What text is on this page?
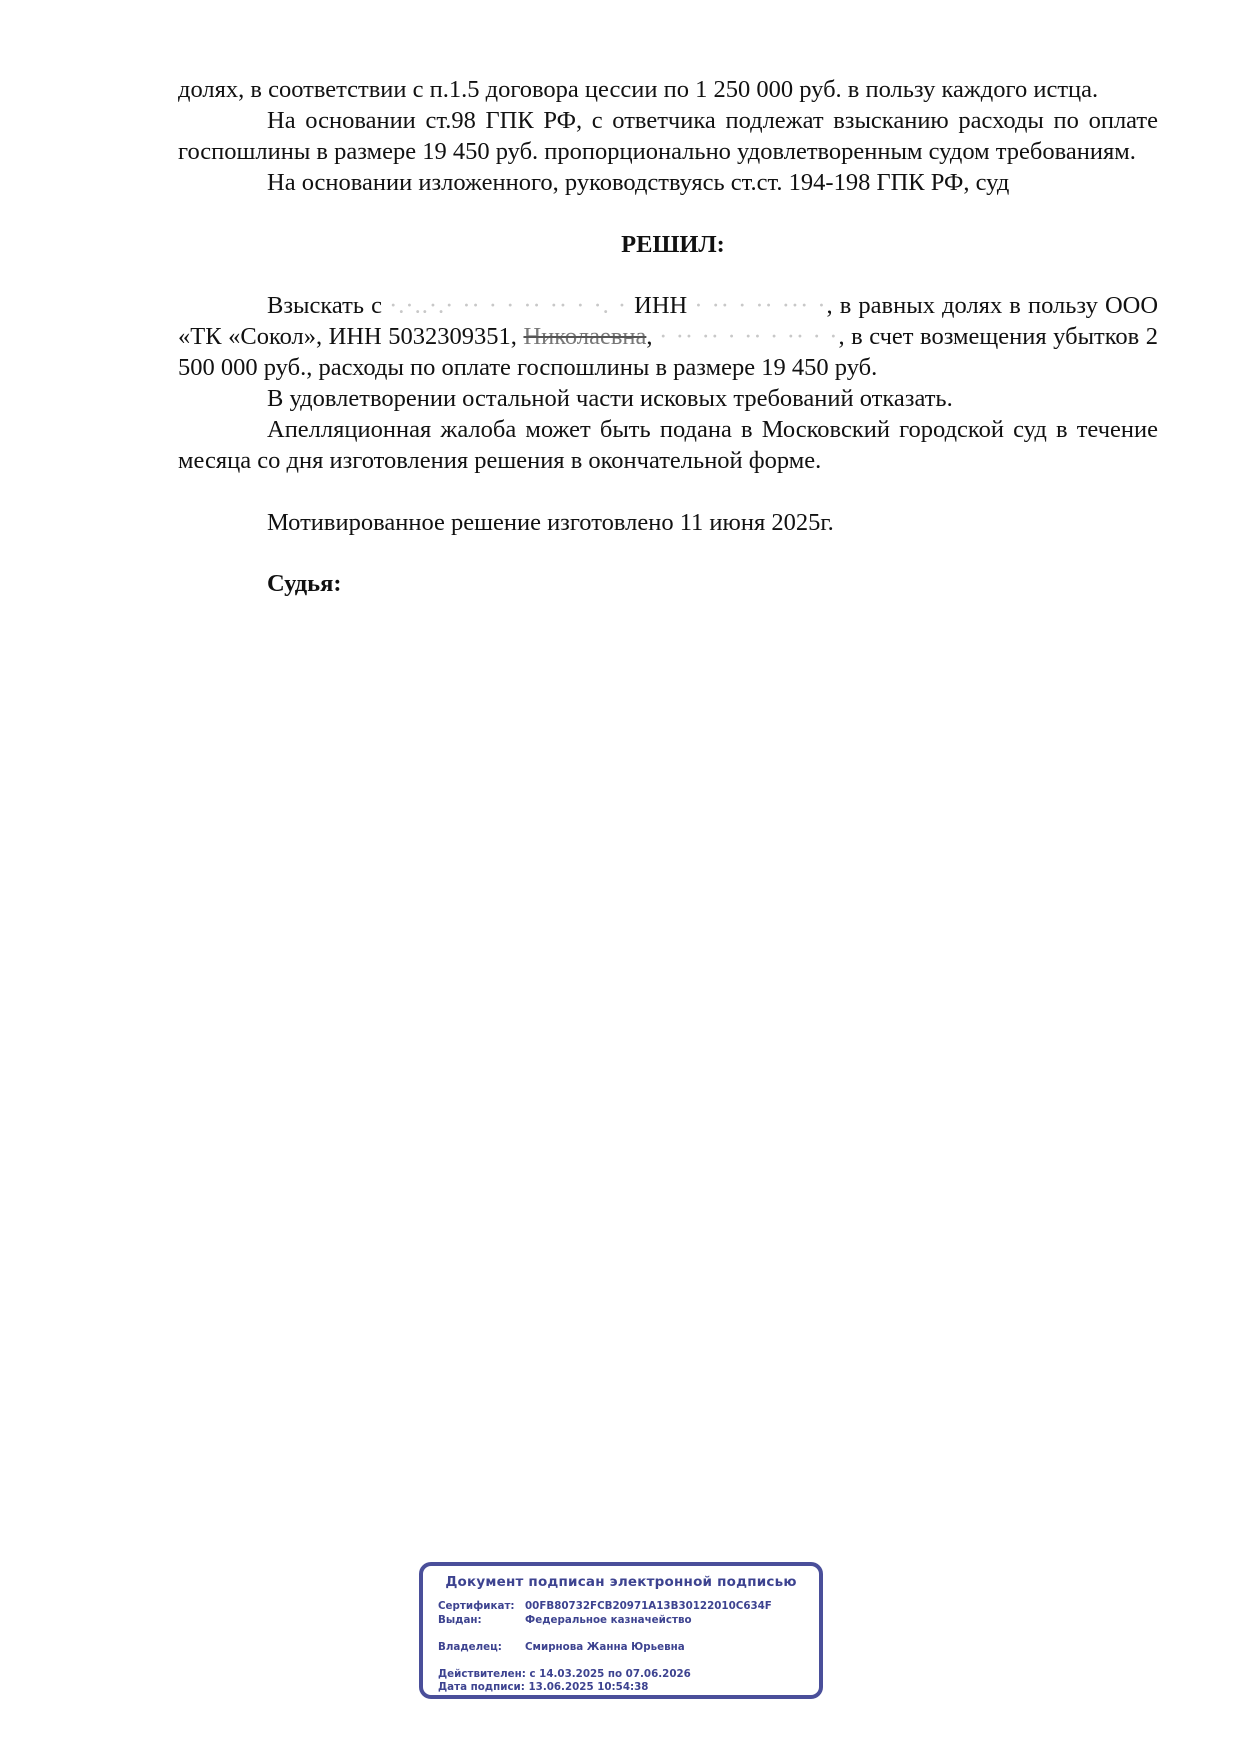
долях, в соответствии с п.1.5 договора цессии по 1 250 000 руб. в пользу каждого истца.

На основании ст.98 ГПК РФ, с ответчика подлежат взысканию расходы по оплате госпошлины в размере 19 450 руб. пропорционально удовлетворенным судом требованиям.

На основании изложенного, руководствуясь ст.ст. 194-198 ГПК РФ, суд

РЕШИЛ:

Взыскать с ·.·..·.· ·· · · ·· ·· · ·. · ИНН · ·· · ·· ··· ·, в равных долях в пользу ООО «ТК «Сокол», ИНН 5032309351, Николаевна, · ·· ·· · ·· · ·· · ·, в счет возмещения убытков 2 500 000 руб., расходы по оплате госпошлины в размере 19 450 руб.

В удовлетворении остальной части исковых требований отказать.

Апелляционная жалоба может быть подана в Московский городской суд в течение месяца со дня изготовления решения в окончательной форме.

Мотивированное решение изготовлено 11 июня 2025г.

Судья:

Документ подписан электронной подписью
Сертификат: 00FB80732FCB20971A13B30122010C634F
Выдан:	Федеральное казначейство
Владелец: Смирнова Жанна Юрьевна
Действителен: с 14.03.2025 по 07.06.2026
Дата подписи: 13.06.2025 10:54:38
